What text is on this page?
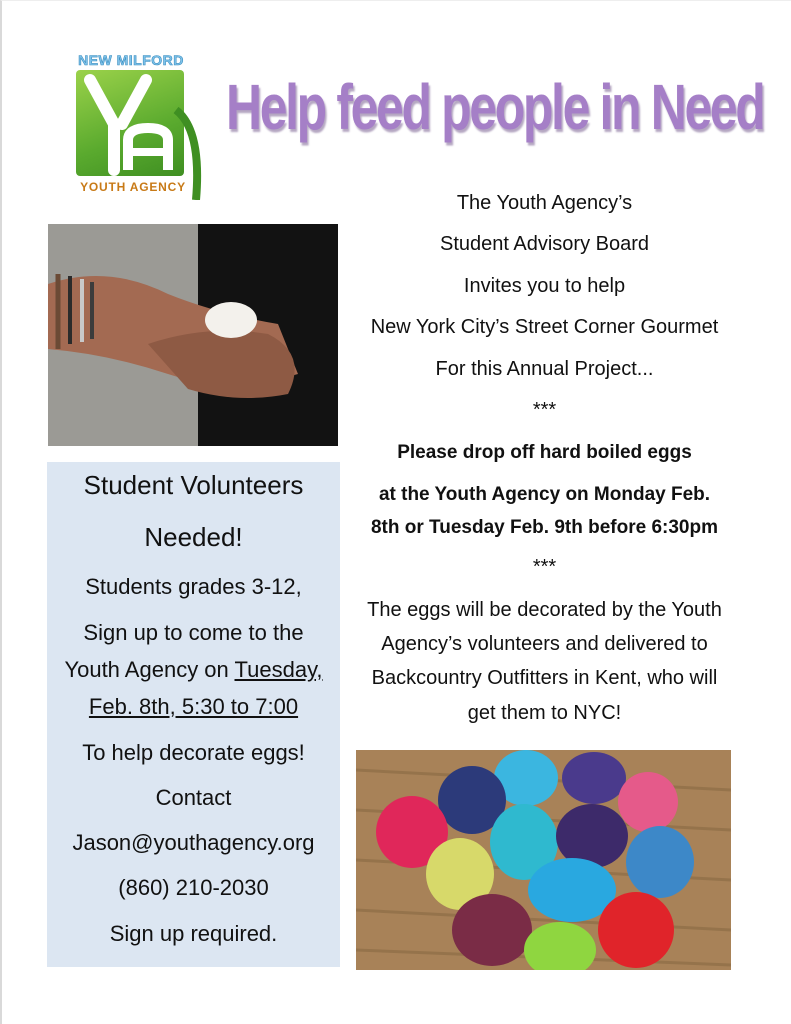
NEW MILFORD
YOUTH AGENCY
Help feed people in Need
Student Volunteers
Needed!
Students grades 3-12,
Sign up to come to the
Youth Agency on Tuesday,
Feb. 8th, 5:30 to 7:00
To help decorate eggs!
Contact
Jason@youthagency.org
(860) 210-2030
Sign up required.
The Youth Agency’s
Student Advisory Board
Invites you to help
New York City’s Street Corner Gourmet
For this Annual Project...
***
Please drop off hard boiled eggs
at the Youth Agency on Monday Feb.
8th or Tuesday Feb. 9th before 6:30pm
***
The eggs will be decorated by the Youth
Agency’s volunteers and delivered to
Backcountry Outfitters in Kent, who will
get them to NYC!
